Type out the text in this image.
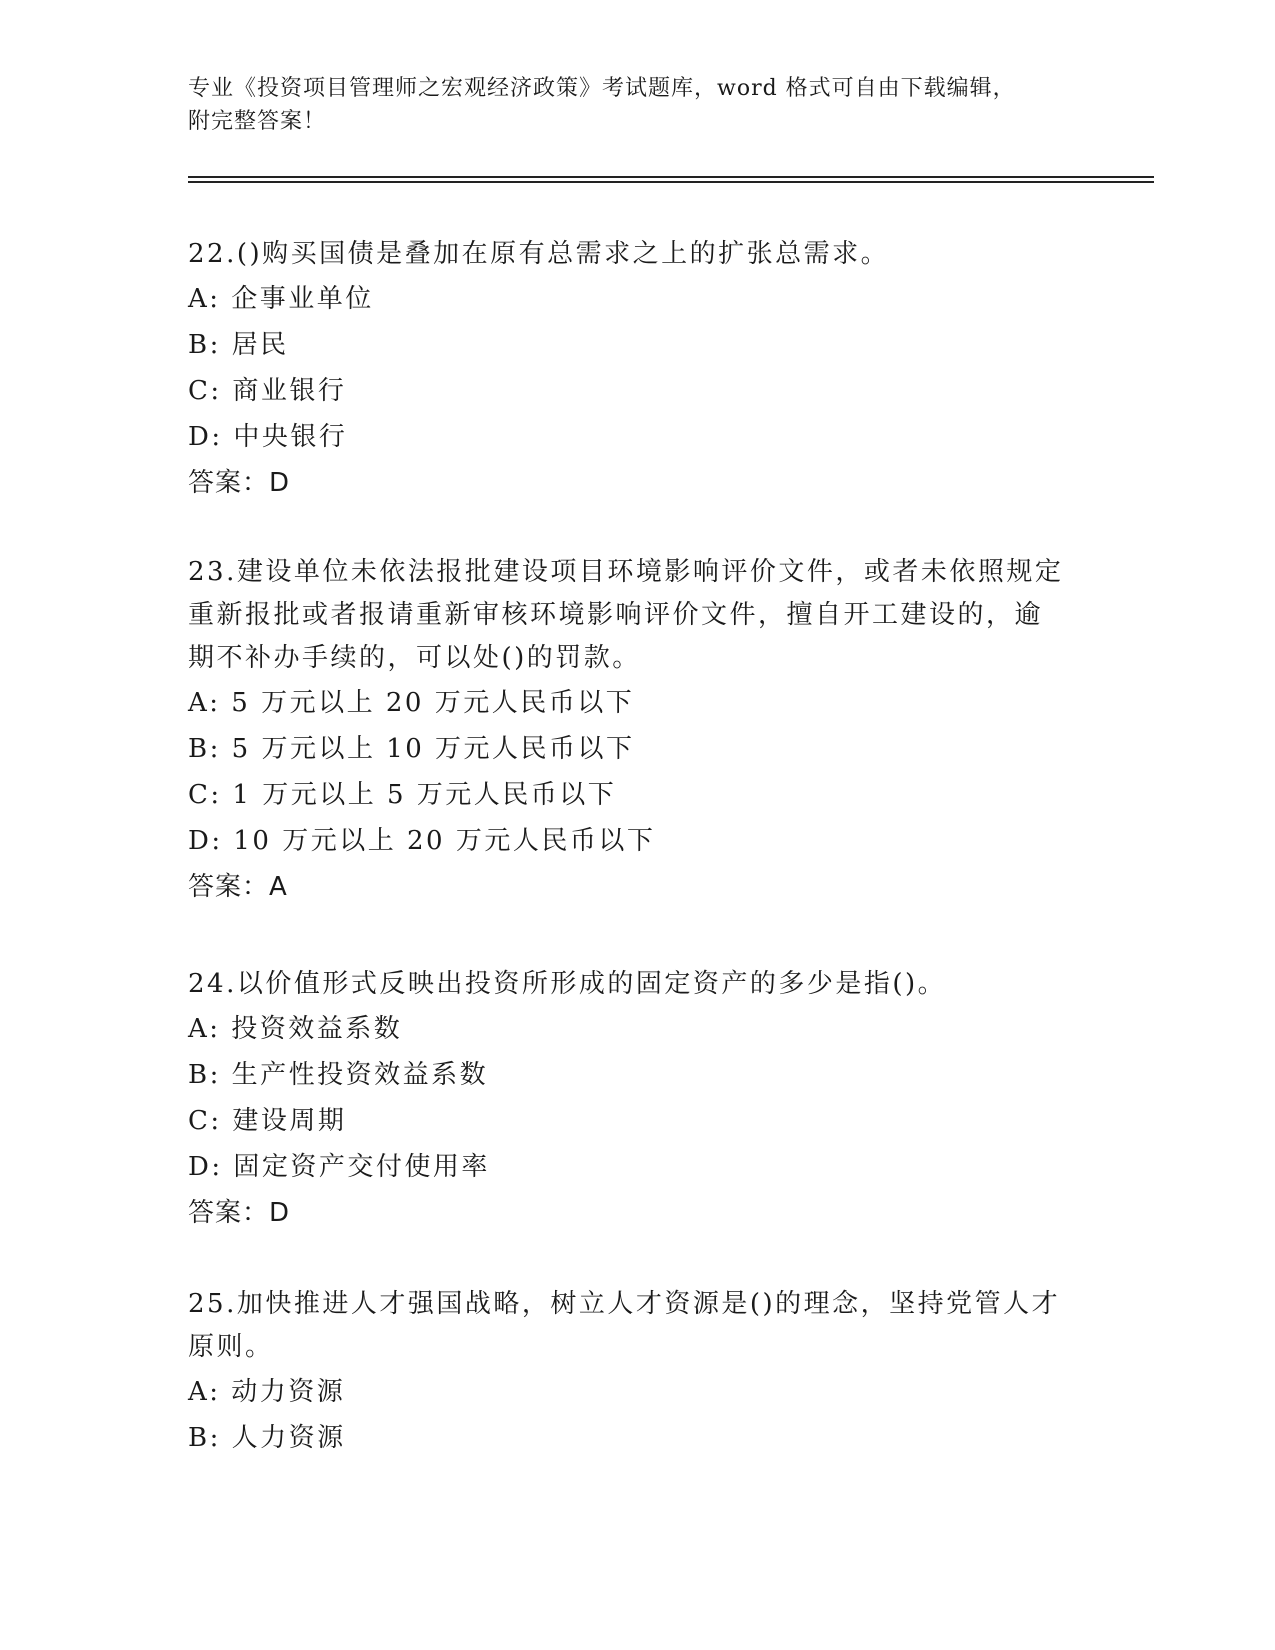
专业《投资项目管理师之宏观经济政策》考试题库，word 格式可自由下载编辑，
附完整答案！

22.()购买国债是叠加在原有总需求之上的扩张总需求。

A: 企事业单位

B: 居民

C: 商业银行

D: 中央银行

答案：D

23.建设单位未依法报批建设项目环境影响评价文件，或者未依照规定

重新报批或者报请重新审核环境影响评价文件，擅自开工建设的，逾

期不补办手续的，可以处()的罚款。

A: 5 万元以上 20 万元人民币以下

B: 5 万元以上 10 万元人民币以下

C: 1 万元以上 5 万元人民币以下

D: 10 万元以上 20 万元人民币以下

答案：A

24.以价值形式反映出投资所形成的固定资产的多少是指()。

A: 投资效益系数

B: 生产性投资效益系数

C: 建设周期

D: 固定资产交付使用率

答案：D

25.加快推进人才强国战略，树立人才资源是()的理念，坚持党管人才

原则。

A: 动力资源

B: 人力资源
